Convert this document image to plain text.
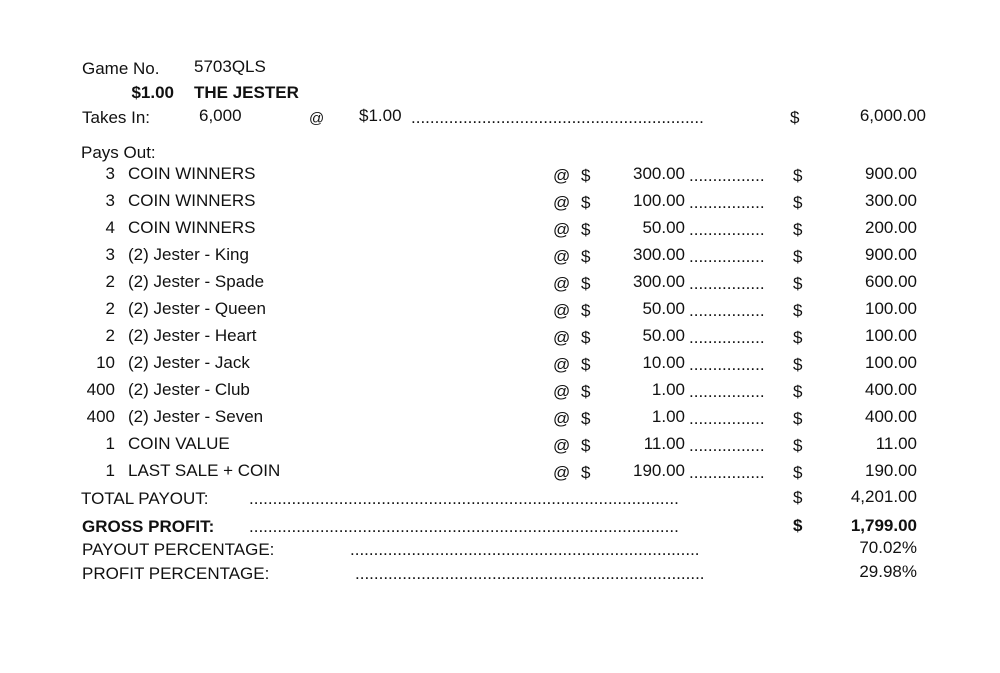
Game No. 5703QLS
$1.00 THE JESTER
Takes In:	6,000	@ $1.00 ..............................................................	$	6,000.00
Pays Out:
3 COIN WINNERS	@ $	300.00 ................	$	900.00
3 COIN WINNERS	@ $	100.00 ................	$	300.00
4 COIN WINNERS	@ $	50.00 ................	$	200.00
3 (2) Jester - King	@ $	300.00 ................	$	900.00
2 (2) Jester - Spade	@ $	300.00 ................	$	600.00
2 (2) Jester - Queen	@ $	50.00 ................	$	100.00
2 (2) Jester - Heart	@ $	50.00 ................	$	100.00
10 (2) Jester - Jack	@ $	10.00 ................	$	100.00
400 (2) Jester - Club	@ $	1.00 ................	$	400.00
400 (2) Jester - Seven	@ $	1.00 ................	$	400.00
1 COIN VALUE	@ $	11.00 ................	$	11.00
1 LAST SALE + COIN	@ $	190.00 ................	$	190.00
TOTAL PAYOUT: ...........................................................................................	$	4,201.00
GROSS PROFIT: ...........................................................................................	$	1,799.00
PAYOUT PERCENTAGE:	..........................................................................	70.02%
PROFIT PERCENTAGE:	..........................................................................	29.98%
